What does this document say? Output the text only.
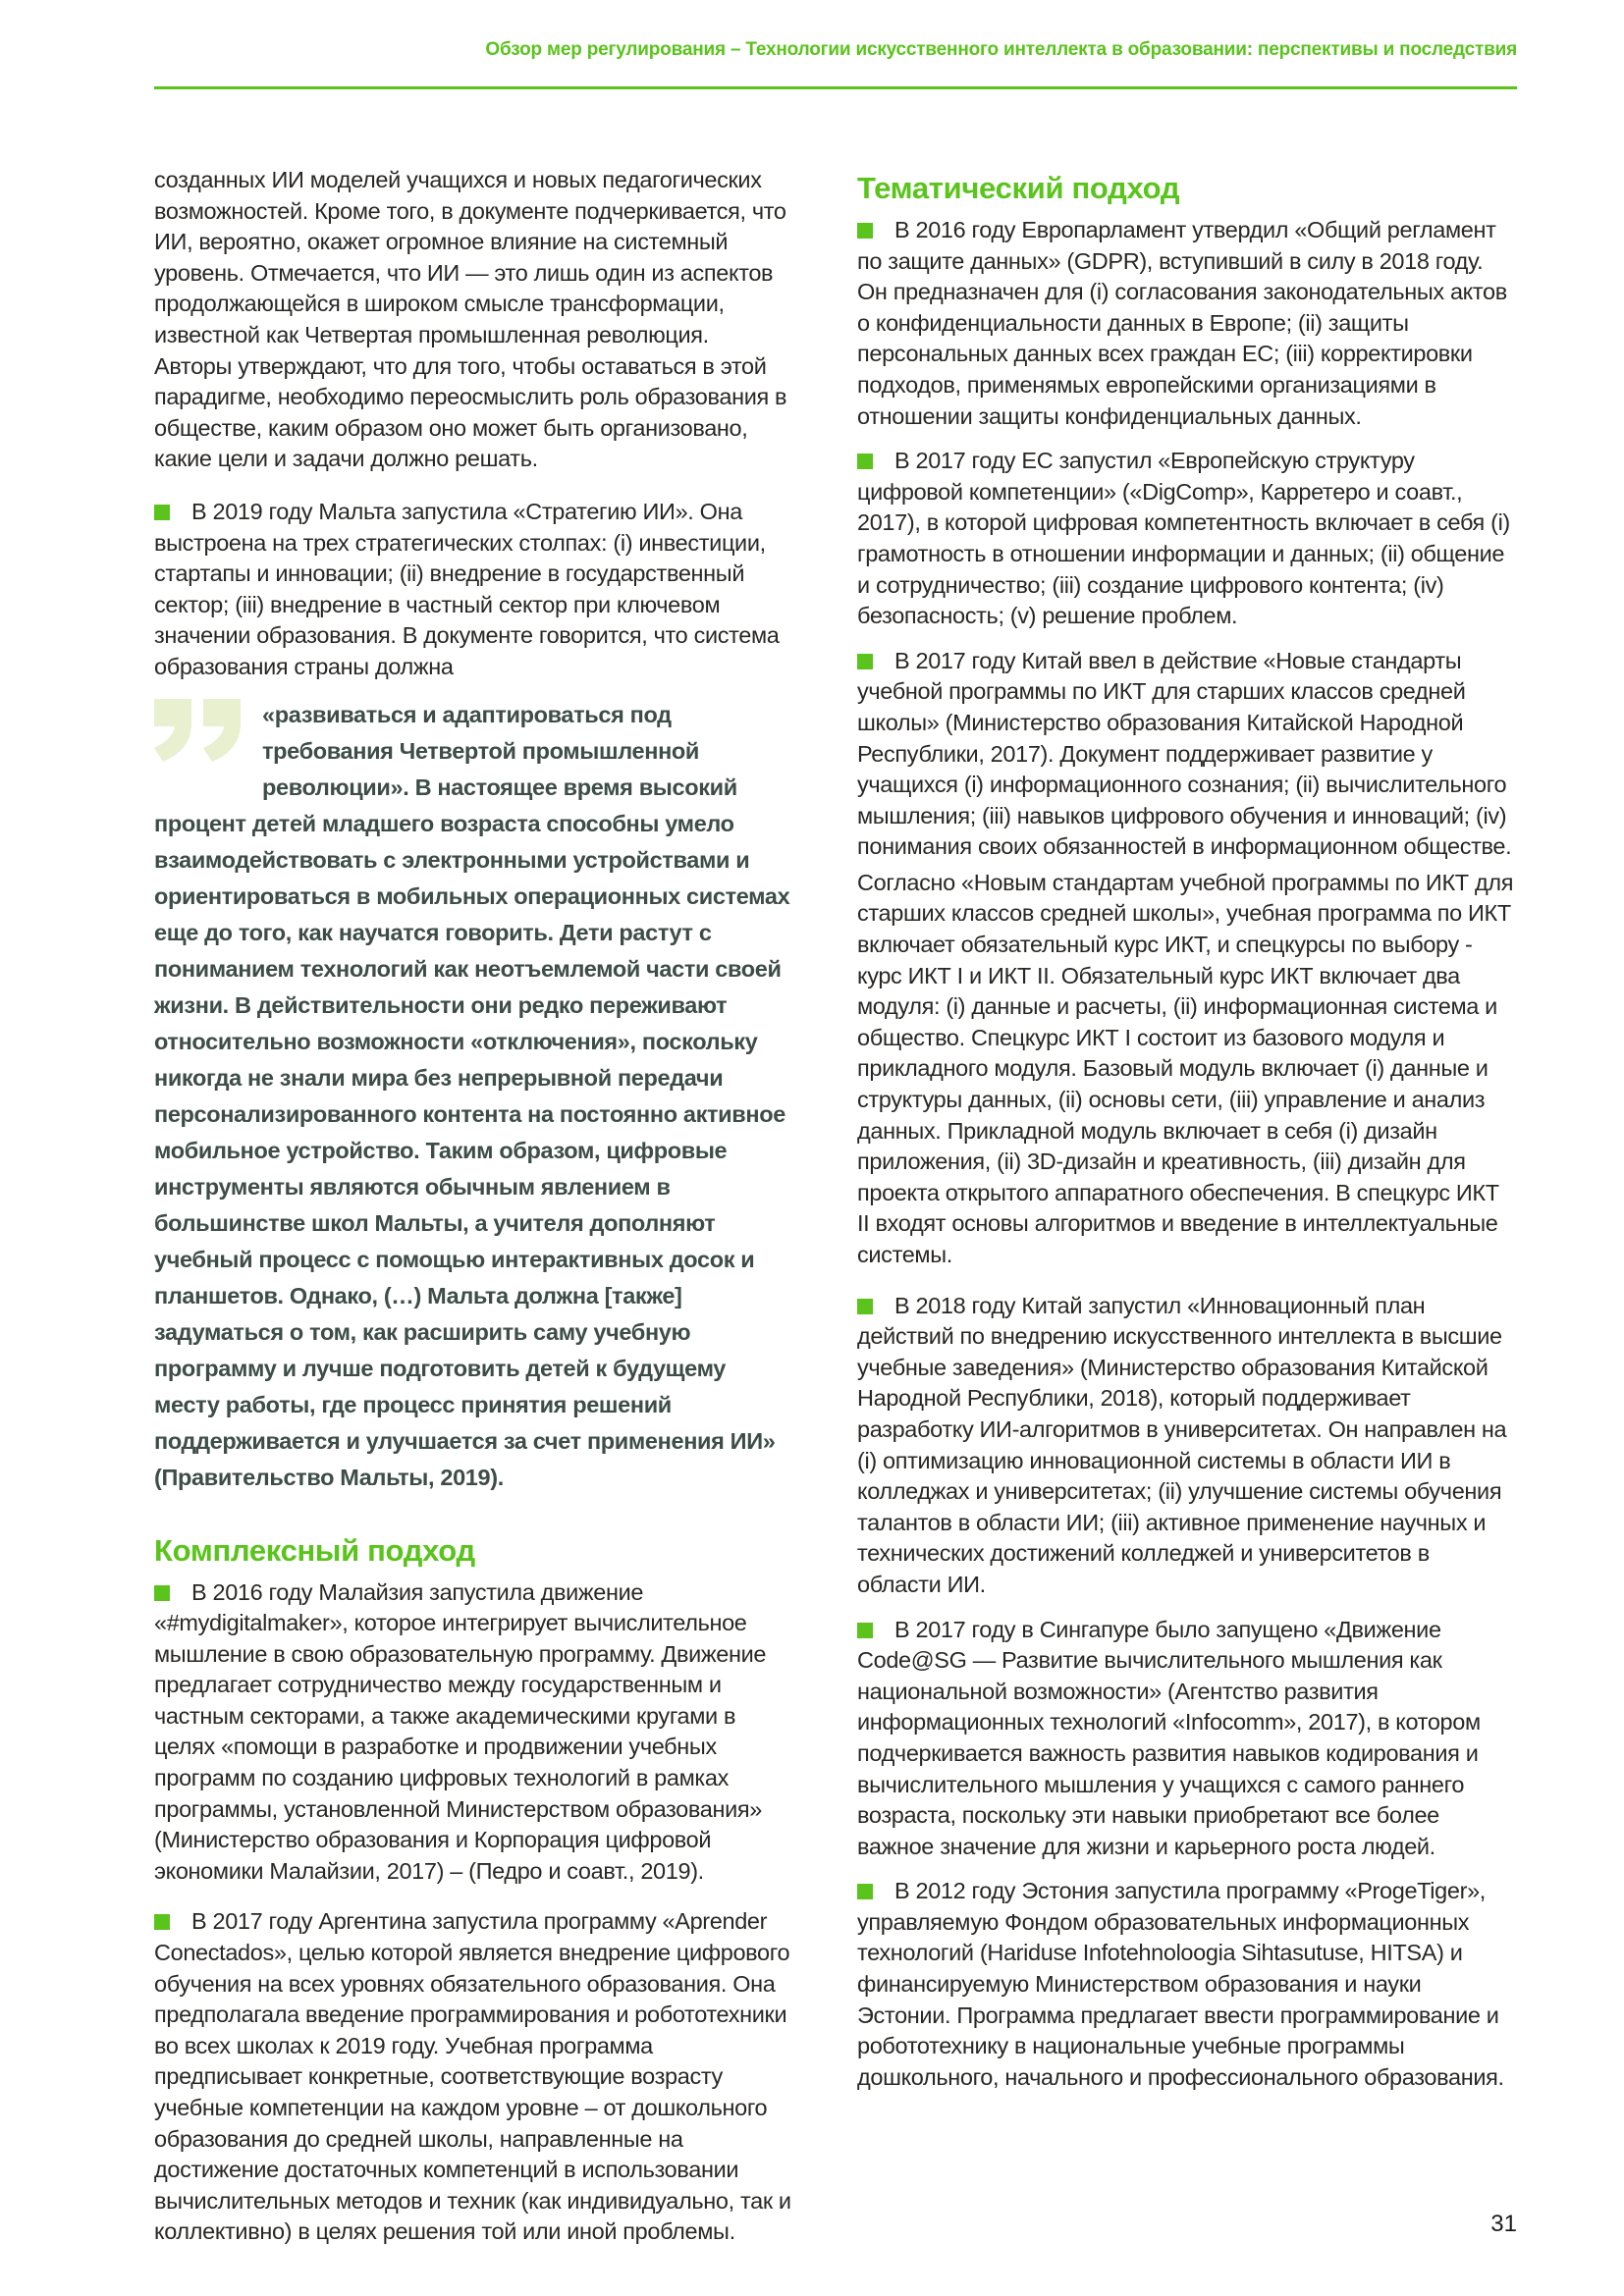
Обзор мер регулирования – Технологии искусственного интеллекта в образовании: перспективы и последствия

созданных ИИ моделей учащихся и новых педагогических возможностей. Кроме того, в документе подчеркивается, что ИИ, вероятно, окажет огромное влияние на системный уровень. Отмечается, что ИИ — это лишь один из аспектов продолжающейся в широком смысле трансформации, известной как Четвертая промышленная революция. Авторы утверждают, что для того, чтобы оставаться в этой парадигме, необходимо переосмыслить роль образования в обществе, каким образом оно может быть организовано, какие цели и задачи должно решать.

В 2019 году Мальта запустила «Стратегию ИИ». Она выстроена на трех стратегических столпах: (i) инвестиции, стартапы и инновации; (ii) внедрение в государственный сектор; (iii) внедрение в частный сектор при ключевом значении образования. В документе говорится, что система образования страны должна

«развиваться и адаптироваться под требования Четвертой промышленной революции». В настоящее время высокий процент детей младшего возраста способны умело взаимодействовать с электронными устройствами и ориентироваться в мобильных операционных системах еще до того, как научатся говорить. Дети растут с пониманием технологий как неотъемлемой части своей жизни. В действительности они редко переживают относительно возможности «отключения», поскольку никогда не знали мира без непрерывной передачи персонализированного контента на постоянно активное мобильное устройство. Таким образом, цифровые инструменты являются обычным явлением в большинстве школ Мальты, а учителя дополняют учебный процесс с помощью интерактивных досок и планшетов. Однако, (…) Мальта должна [также] задуматься о том, как расширить саму учебную программу и лучше подготовить детей к будущему месту работы, где процесс принятия решений поддерживается и улучшается за счет применения ИИ» (Правительство Мальты, 2019).
Комплексный подход

В 2016 году Малайзия запустила движение «#mydigitalmaker», которое интегрирует вычислительное мышление в свою образовательную программу. Движение предлагает сотрудничество между государственным и частным секторами, а также академическими кругами в целях «помощи в разработке и продвижении учебных программ по созданию цифровых технологий в рамках программы, установленной Министерством образования» (Министерство образования и Корпорация цифровой экономики Малайзии, 2017) – (Педро и соавт., 2019).

В 2017 году Аргентина запустила программу «Aprender Conectados», целью которой является внедрение цифрового обучения на всех уровнях обязательного образования. Она предполагала введение программирования и робототехники во всех школах к 2019 году. Учебная программа предписывает конкретные, соответствующие возрасту учебные компетенции на каждом уровне – от дошкольного образования до средней школы, направленные на достижение достаточных компетенций в использовании вычислительных методов и техник (как индивидуально, так и коллективно) в целях решения той или иной проблемы.

Тематический подход

В 2016 году Европарламент утвердил «Общий регламент по защите данных» (GDPR), вступивший в силу в 2018 году. Он предназначен для (i) согласования законодательных актов о конфиденциальности данных в Европе; (ii) защиты персональных данных всех граждан ЕС; (iii) корректировки подходов, применямых европейскими организациями в отношении защиты конфиденциальных данных.

В 2017 году ЕС запустил «Европейскую структуру цифровой компетенции» («DigComp», Карретеро и соавт., 2017), в которой цифровая компетентность включает в себя (i) грамотность в отношении информации и данных; (ii) общение и сотрудничество; (iii) создание цифрового контента; (iv) безопасность; (v) решение проблем.

В 2017 году Китай ввел в действие «Новые стандарты учебной программы по ИКТ для старших классов средней школы» (Министерство образования Китайской Народной Республики, 2017). Документ поддерживает развитие у учащихся (i) информационного сознания; (ii) вычислительного мышления; (iii) навыков цифрового обучения и инноваций; (iv) понимания своих обязанностей в информационном обществе.

Согласно «Новым стандартам учебной программы по ИКТ для старших классов средней школы», учебная программа по ИКТ включает обязательный курс ИКТ, и спецкурсы по выбору - курс ИКТ I и ИКТ II. Обязательный курс ИКТ включает два модуля: (i) данные и расчеты, (ii) информационная система и общество. Спецкурс ИКТ I состоит из базового модуля и прикладного модуля. Базовый модуль включает (i) данные и структуры данных, (ii) основы сети, (iii) управление и анализ данных. Прикладной модуль включает в себя (i) дизайн приложения, (ii) 3D-дизайн и креативность, (iii) дизайн для проекта открытого аппаратного обеспечения. В спецкурс ИКТ II входят основы алгоритмов и введение в интеллектуальные системы.

В 2018 году Китай запустил «Инновационный план действий по внедрению искусственного интеллекта в высшие учебные заведения» (Министерство образования Китайской Народной Республики, 2018), который поддерживает разработку ИИ-алгоритмов в университетах. Он направлен на (i) оптимизацию инновационной системы в области ИИ в колледжах и университетах; (ii) улучшение системы обучения талантов в области ИИ; (iii) активное применение научных и технических достижений колледжей и университетов в области ИИ.

В 2017 году в Сингапуре было запущено «Движение Code@SG — Развитие вычислительного мышления как национальной возможности» (Агентство развития информационных технологий «Infocomm», 2017), в котором подчеркивается важность развития навыков кодирования и вычислительного мышления у учащихся с самого раннего возраста, поскольку эти навыки приобретают все более важное значение для жизни и карьерного роста людей.

В 2012 году Эстония запустила программу «ProgeTiger», управляемую Фондом образовательных информационных технологий (Hariduse Infotehnoloogia Sihtasutuse, HITSA) и финансируемую Министерством образования и науки Эстонии. Программа предлагает ввести программирование и робототехнику в национальные учебные программы дошкольного, начального и профессионального образования.

31
